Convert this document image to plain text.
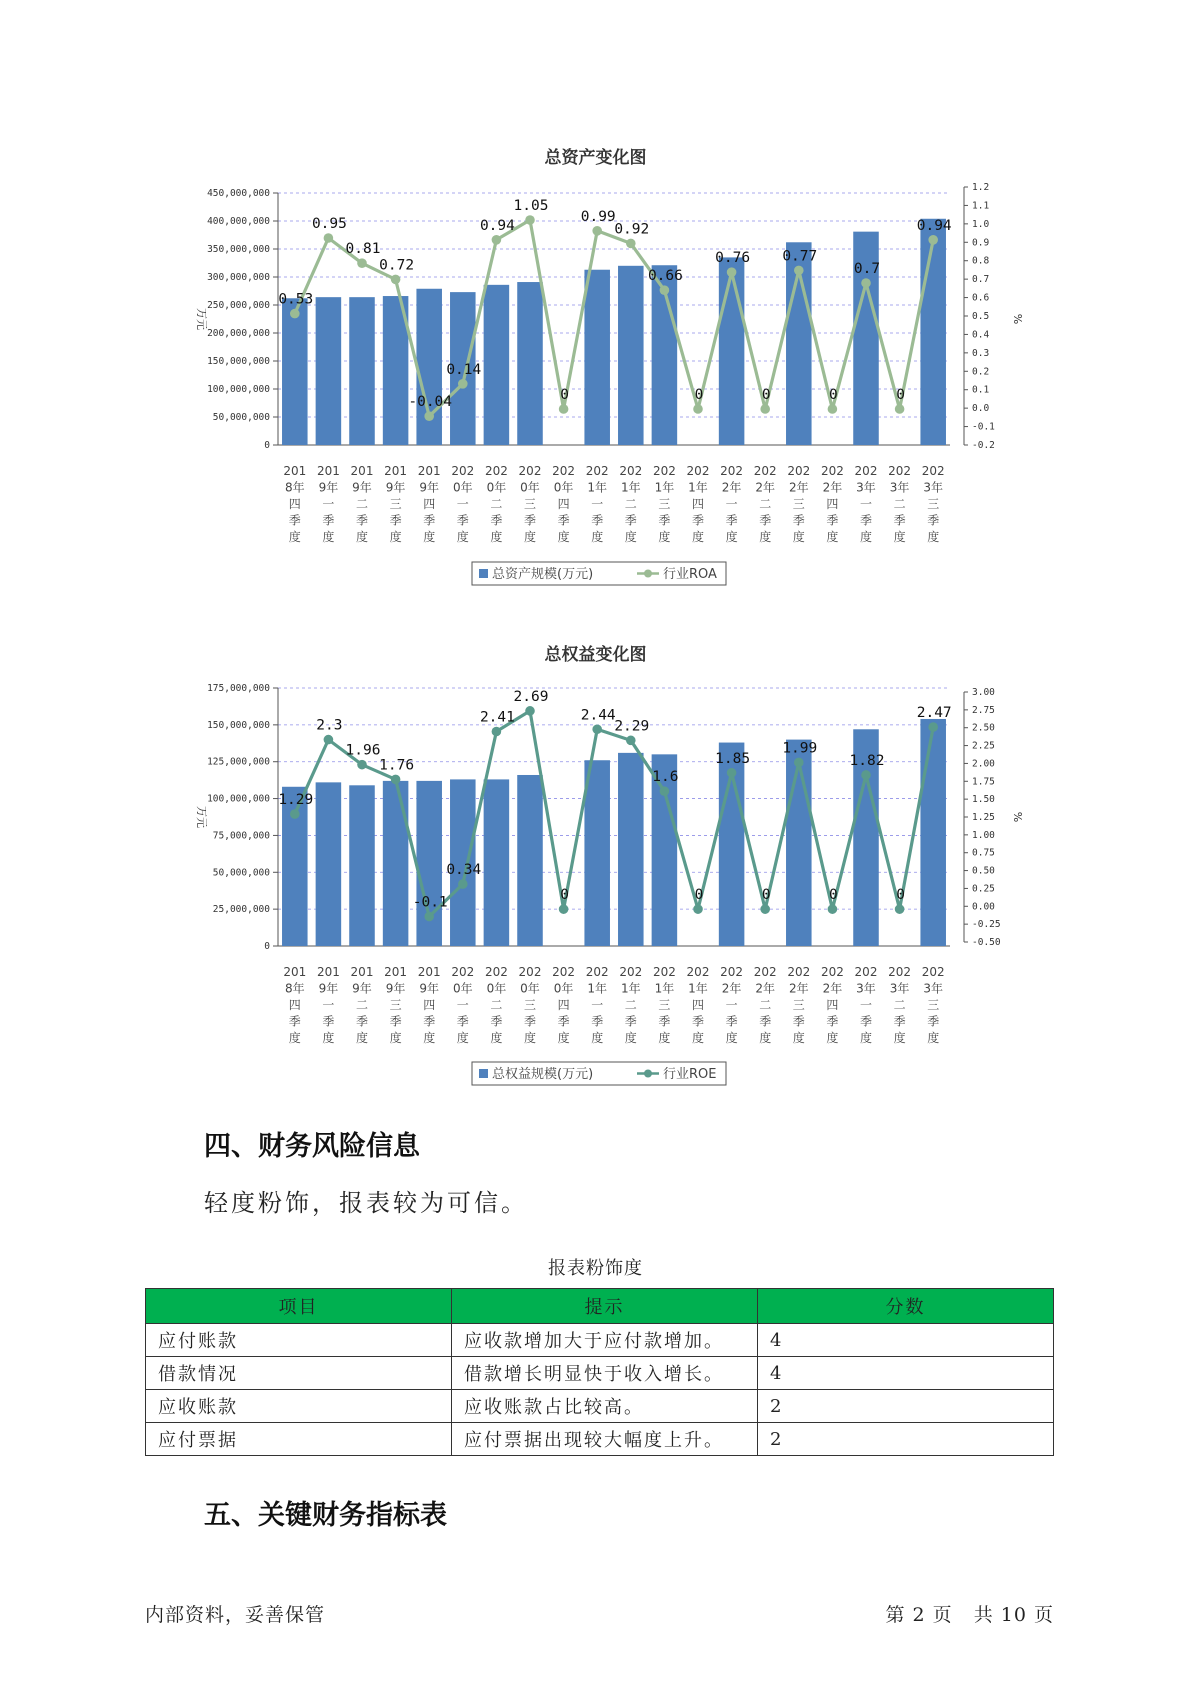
总资产变化图
450,000,000
400,000,000
350,000,000
300,000,000
250,000,000
200,000,000
150,000,000
100,000,000
50,000,000
0
1.2
1.1
1.0
0.9
0.8
0.7
0.6
0.5
0.4
0.3
0.2
0.1
0.0
-0.1
-0.2
万元	%
0.53
0.95
0.81
0.72
-0.04
0.14
0.94
1.05
0
0.99
0.92
0.66
0
0.76
0
0.77
0
0.7
0
0.94
201
8年
四
季
度
201
9年
一
季
度
201
9年
二
季
度
201
9年
三
季
度
201
9年
四
季
度
202
0年
一
季
度
202
0年
二
季
度
202
0年
三
季
度
202
0年
四
季
度
202
1年
一
季
度
202
1年
二
季
度
202
1年
三
季
度
202
1年
四
季
度
202
2年
一
季
度
202
2年
二
季
度
202
2年
三
季
度
202
2年
四
季
度
202
3年
一
季
度
202
3年
二
季
度
202
3年
三
季
度
总资产规模(万元)	行业ROA
总权益变化图
175,000,000
150,000,000
125,000,000
100,000,000
75,000,000
50,000,000
25,000,000
0
3.00
2.75
2.50
2.25
2.00
1.75
1.50
1.25
1.00
0.75
0.50
0.25
0.00
-0.25
-0.50
万元	%
1.29
2.3
1.96
1.76
-0.1
0.34
2.41
2.69
0
2.44
2.29
1.6
0
1.85
0
1.99
0
1.82
0
2.47
201
8年
四
季
度
201
9年
一
季
度
201
9年
二
季
度
201
9年
三
季
度
201
9年
四
季
度
202
0年
一
季
度
202
0年
二
季
度
202
0年
三
季
度
202
0年
四
季
度
202
1年
一
季
度
202
1年
二
季
度
202
1年
三
季
度
202
1年
四
季
度
202
2年
一
季
度
202
2年
二
季
度
202
2年
三
季
度
202
2年
四
季
度
202
3年
一
季
度
202
3年
二
季
度
202
3年
三
季
度
总权益规模(万元)	行业ROE
四、财务风险信息

轻度粉饰，报表较为可信。

报表粉饰度
项目	提示	分数
应付账款	应收款增加大于应付款增加。	4
借款情况	借款增长明显快于收入增长。	4
应收账款	应收账款占比较高。	2
应付票据	应付票据出现较大幅度上升。	2
五、关键财务指标表
内部资料，妥善保管	第 2 页   共 10 页
